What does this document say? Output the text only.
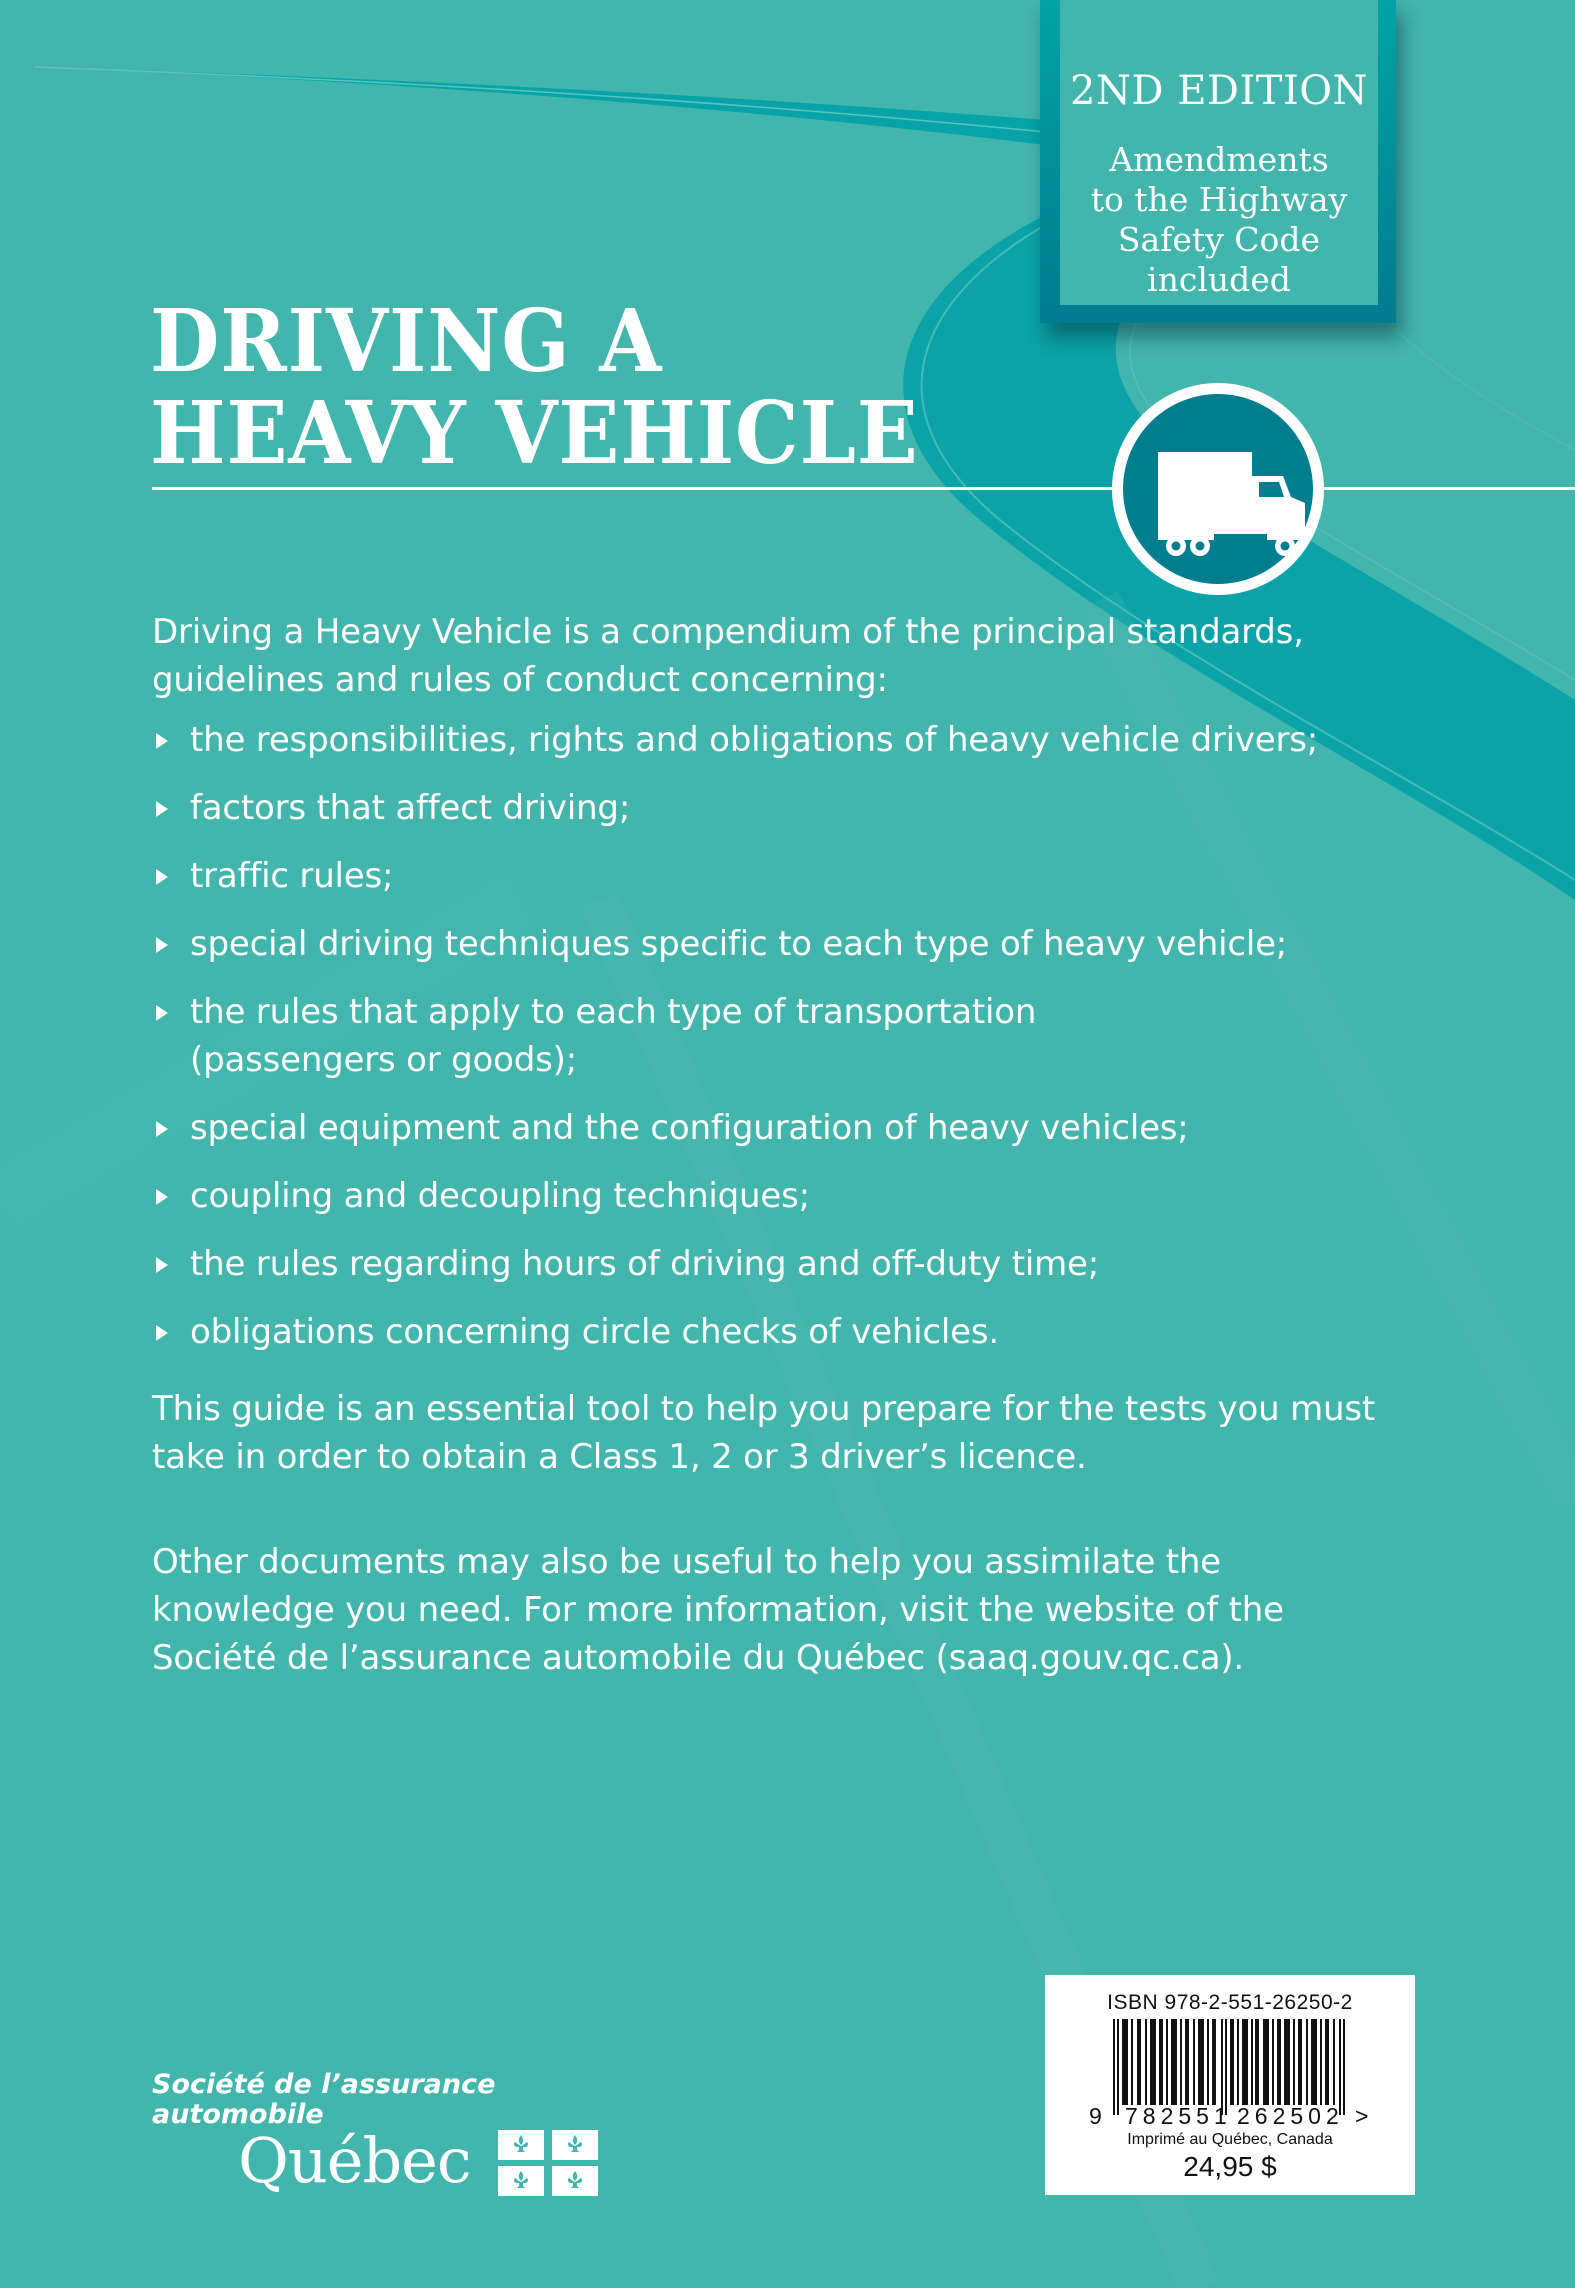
2ND EDITION
Amendments
to the Highway
Safety Code
included
DRIVING A
HEAVY VEHICLE
Driving a Heavy Vehicle is a compendium of the principal standards, guidelines and rules of conduct concerning:
the responsibilities, rights and obligations of heavy vehicle drivers;
factors that affect driving;
traffic rules;
special driving techniques specific to each type of heavy vehicle;
the rules that apply to each type of transportation
(passengers or goods);
special equipment and the configuration of heavy vehicles;
coupling and decoupling techniques;
the rules regarding hours of driving and off-duty time;
obligations concerning circle checks of vehicles.
This guide is an essential tool to help you prepare for the tests you must take in order to obtain a Class 1, 2 or 3 driver’s licence.
Other documents may also be useful to help you assimilate the knowledge you need. For more information, visit the website of the Société de l’assurance automobile du Québec (saaq.gouv.qc.ca).
Société de l’assurance
automobile
Québec
ISBN 978-2-551-26250-2
9 782551 262502 >
Imprimé au Québec, Canada
24,95 $
